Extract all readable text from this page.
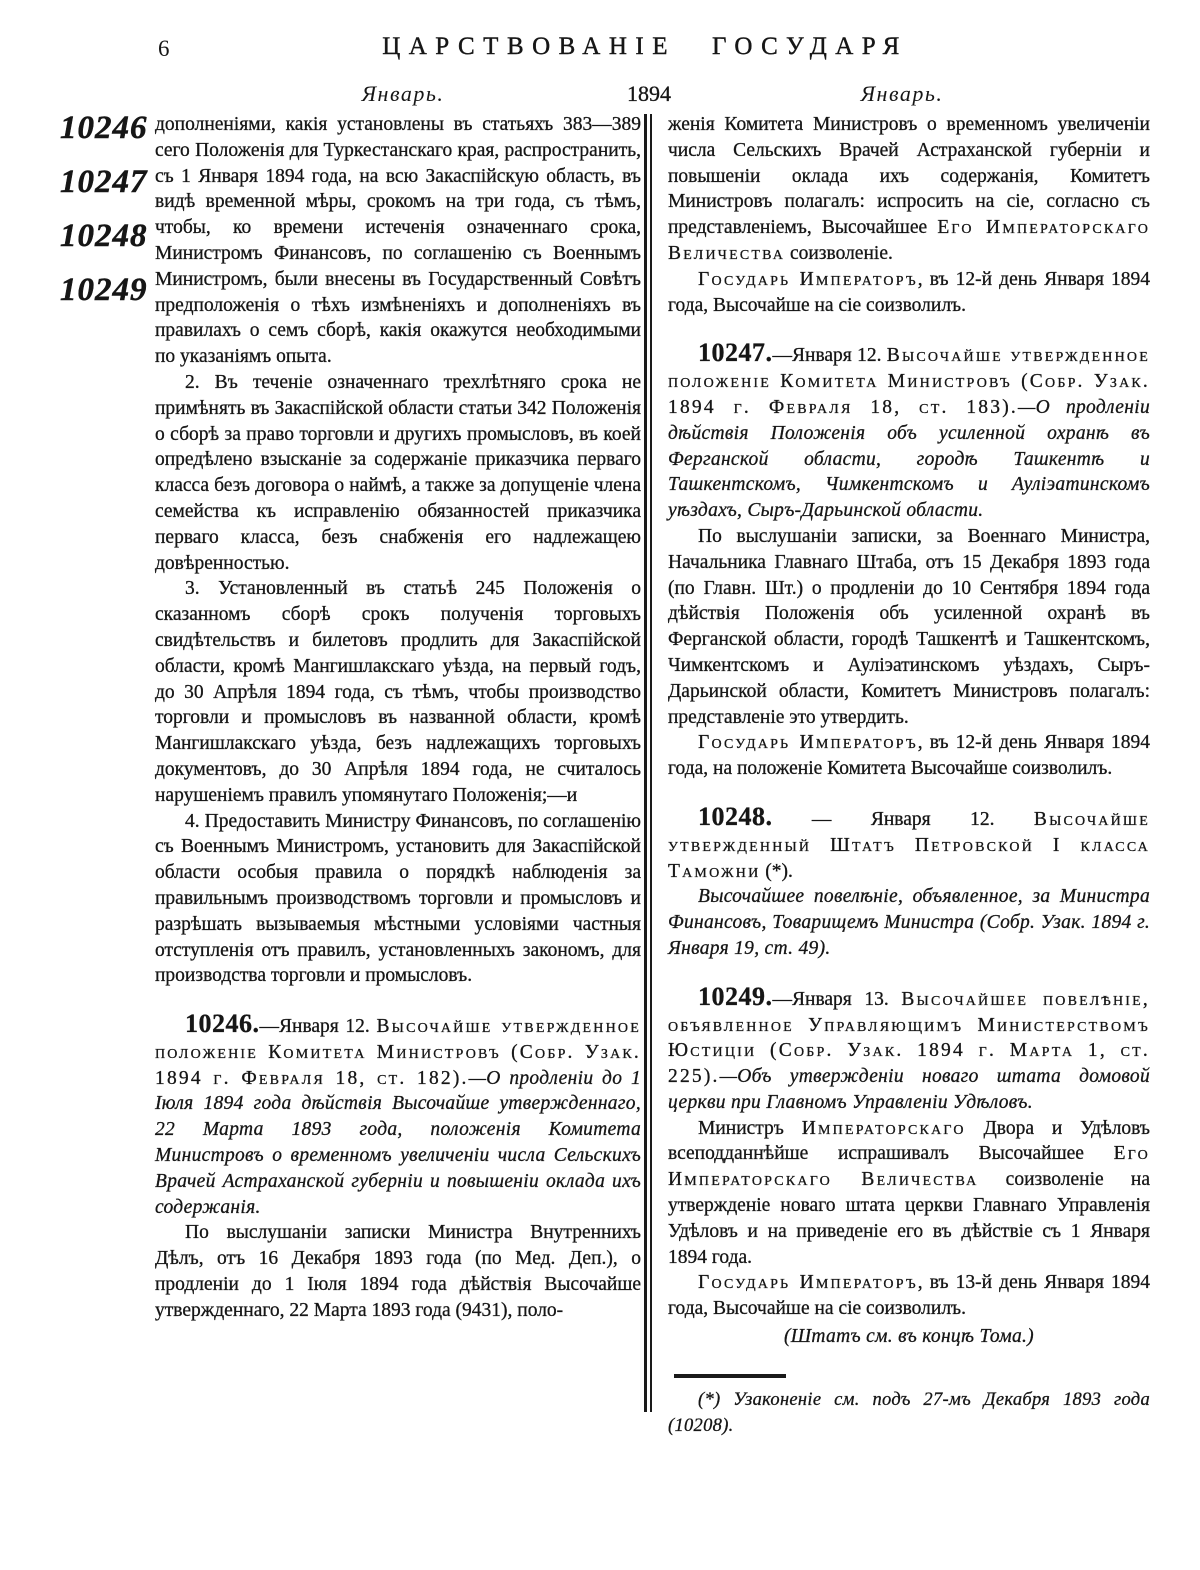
6	ЦАРСТВОВАНІЕ ГОСУДАРЯ
Январь.	1894	Январь.
10246
10247
10248
10249

дополненіями, какія установлены въ статьяхъ 383—389 сего Положенія для Туркестанскаго края, распространить, съ 1 Января 1894 года, на всю Закаспійскую область, въ видѣ временной мѣры, срокомъ на три года, съ тѣмъ, чтобы, ко времени истеченія означеннаго срока, Министромъ Финансовъ, по соглашенію съ Военнымъ Министромъ, были внесены въ Государственный Совѣтъ предположенія о тѣхъ измѣненіяхъ и дополненіяхъ въ правилахъ о семъ сборѣ, какія окажутся необходимыми по указаніямъ опыта.

2. Въ теченіе означеннаго трехлѣтняго срока не примѣнять въ Закаспійской области статьи 342 Положенія о сборѣ за право торговли и другихъ промысловъ, въ коей опредѣлено взысканіе за содержаніе приказчика перваго класса безъ договора о наймѣ, а также за допущеніе члена семейства къ исправленію обязанностей приказчика перваго класса, безъ снабженія его надлежащею довѣренностью.

3. Установленный въ статьѣ 245 Положенія о сказанномъ сборѣ срокъ полученія торговыхъ свидѣтельствъ и билетовъ продлить для Закаспійской области, кромѣ Мангишлакскаго уѣзда, на первый годъ, до 30 Апрѣля 1894 года, съ тѣмъ, чтобы производство торговли и промысловъ въ названной области, кромѣ Мангишлакскаго уѣзда, безъ надлежащихъ торговыхъ документовъ, до 30 Апрѣля 1894 года, не считалось нарушеніемъ правилъ упомянутаго Положенія;—и

4. Предоставить Министру Финансовъ, по соглашенію съ Военнымъ Министромъ, установить для Закаспійской области особыя правила о порядкѣ наблюденія за правильнымъ производствомъ торговли и промысловъ и разрѣшать вызываемыя мѣстными условіями частныя отступленія отъ правилъ, установленныхъ закономъ, для производства торговли и промысловъ.

10246.—Января 12. Высочайше утвержденное положеніе Комитета Министровъ (Собр. Узак. 1894 г. Февраля 18, ст. 182).—О продленіи до 1 Іюля 1894 года дѣйствія Высочайше утвержденнаго, 22 Марта 1893 года, положенія Комитета Министровъ о временномъ увеличеніи числа Сельскихъ Врачей Астраханской губерніи и повышеніи оклада ихъ содержанія.

По выслушаніи записки Министра Внутреннихъ Дѣлъ, отъ 16 Декабря 1893 года (по Мед. Деп.), о продленіи до 1 Іюля 1894 года дѣйствія Высочайше утвержденнаго, 22 Марта 1893 года (9431), поло-

женія Комитета Министровъ о временномъ увеличеніи числа Сельскихъ Врачей Астраханской губерніи и повышеніи оклада ихъ содержанія, Комитетъ Министровъ полагалъ: испросить на сіе, согласно съ представленіемъ, Высочайшее Его Императорскаго Величества соизволеніе.

Государь Императоръ, въ 12-й день Января 1894 года, Высочайше на сіе соизволилъ.

10247.—Января 12. Высочайше утвержденное положеніе Комитета Министровъ (Собр. Узак. 1894 г. Февраля 18, ст. 183).—О продленіи дѣйствія Положенія объ усиленной охранѣ въ Ферганской области, городѣ Ташкентѣ и Ташкентскомъ, Чимкентскомъ и Ауліэатинскомъ уѣздахъ, Сыръ-Дарьинской области.

По выслушаніи записки, за Военнаго Министра, Начальника Главнаго Штаба, отъ 15 Декабря 1893 года (по Главн. Шт.) о продленіи до 10 Сентября 1894 года дѣйствія Положенія объ усиленной охранѣ въ Ферганской области, городѣ Ташкентѣ и Ташкентскомъ, Чимкентскомъ и Ауліэатинскомъ уѣздахъ, Сыръ-Дарьинской области, Комитетъ Министровъ полагалъ: представленіе это утвердить.

Государь Императоръ, въ 12-й день Января 1894 года, на положеніе Комитета Высочайше соизволилъ.

10248. — Января 12. Высочайше утвержденный Штатъ Петровской I класса Таможни (*).

Высочайшее повелѣніе, объявленное, за Министра Финансовъ, Товарищемъ Министра (Собр. Узак. 1894 г. Января 19, ст. 49).

10249.—Января 13. Высочайшее повелѣніе, объявленное Управляющимъ Министерствомъ Юстиціи (Собр. Узак. 1894 г. Марта 1, ст. 225).—Объ утвержденіи новаго штата домовой церкви при Главномъ Управленіи Удѣловъ.

Министръ Императорскаго Двора и Удѣловъ всеподданнѣйше испрашивалъ Высочайшее Его Императорскаго Величества соизволеніе на утвержденіе новаго штата церкви Главнаго Управленія Удѣловъ и на приведеніе его въ дѣйствіе съ 1 Января 1894 года.

Государь Императоръ, въ 13-й день Января 1894 года, Высочайше на сіе соизволилъ.

(Штатъ см. въ концѣ Тома.)

(*) Узаконеніе см. подъ 27-мъ Декабря 1893 года (10208).
